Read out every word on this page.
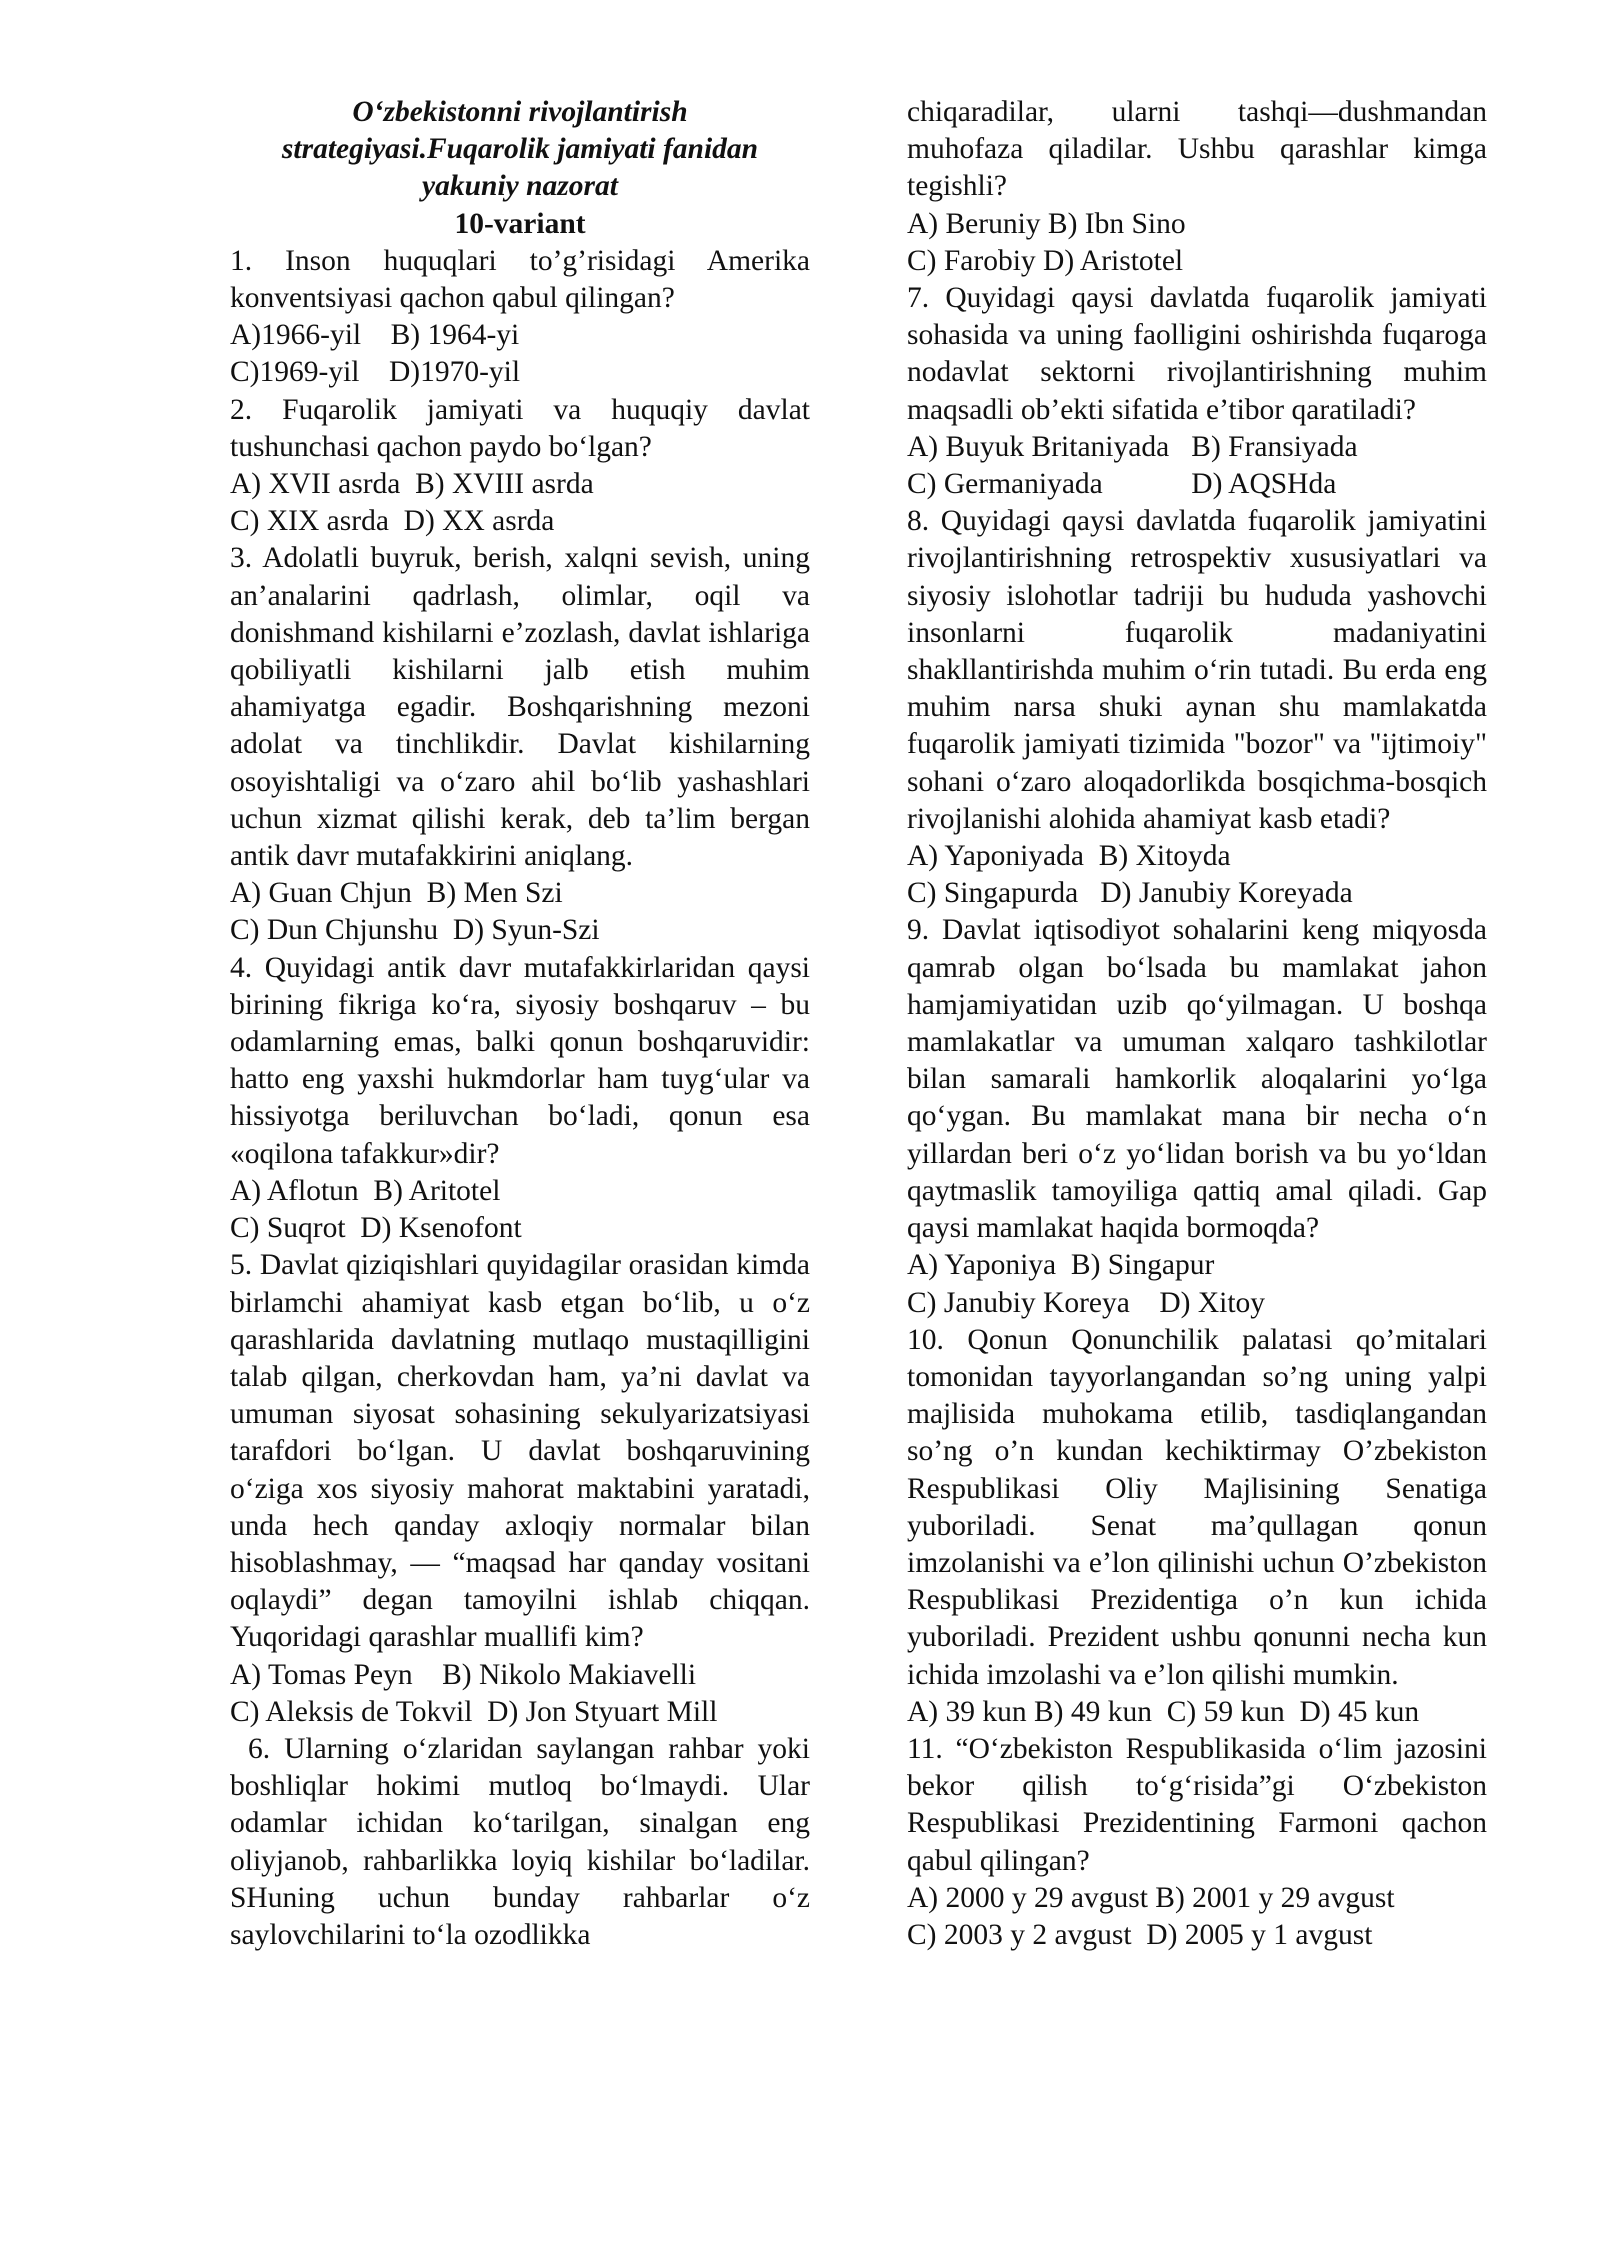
O‘zbekistonni rivojlantirish strategiyasi.Fuqarolik jamiyati fanidan yakuniy nazorat

10-variant

1. Inson huquqlari to’g’risidagi Amerika konventsiyasi qachon qabul qilingan?

A)1966-yil    B) 1964-yi

C)1969-yil    D)1970-yil

2. Fuqarolik jamiyati va huquqiy davlat tushunchasi qachon paydo bo‘lgan?

A) XVII asrda  B) XVIII asrda

C) XIX asrda  D) XX asrda

3. Adolatli buyruk, berish, xalqni sevish, uning an’analarini qadrlash, olimlar, oqil va donishmand kishilarni e’zozlash, davlat ishlariga qobiliyatli kishilarni jalb etish muhim ahamiyatga egadir. Boshqarishning mezoni adolat va tinchlikdir. Davlat kishilarning osoyishtaligi va o‘zaro ahil bo‘lib yashashlari uchun xizmat qilishi kerak, deb ta’lim bergan antik davr mutafakkirini aniqlang.

A) Guan Chjun  B) Men Szi

C) Dun Chjunshu  D) Syun-Szi

4. Quyidagi antik davr mutafakkirlaridan qaysi birining fikriga ko‘ra, siyosiy boshqaruv – bu odamlarning emas, balki qonun boshqaruvidir: hatto eng yaxshi hukmdorlar ham tuyg‘ular va hissiyotga beriluvchan bo‘ladi, qonun esa «oqilona tafakkur»dir?

A) Aflotun  B) Aritotel

C) Suqrot  D) Ksenofont

5. Davlat qiziqishlari quyidagilar orasidan kimda birlamchi ahamiyat kasb etgan bo‘lib, u o‘z qarashlarida davlatning mutlaqo mustaqilligini talab qilgan, cherkovdan ham, ya’ni davlat va umuman siyosat sohasining sekulyarizatsiyasi tarafdori bo‘lgan. U davlat boshqaruvining o‘ziga xos siyosiy mahorat maktabini yaratadi, unda hech qanday axloqiy normalar bilan hisoblashmay, — “maqsad har qanday vositani oqlaydi” degan tamoyilni ishlab chiqqan. Yuqoridagi qarashlar muallifi kim?

A) Tomas Peyn    B) Nikolo Makiavelli

C) Aleksis de Tokvil  D) Jon Styuart Mill

6. Ularning o‘zlaridan saylangan rahbar yoki boshliqlar hokimi mutloq bo‘lmaydi. Ular odamlar ichidan ko‘tarilgan, sinalgan eng oliyjanob, rahbarlikka loyiq kishilar bo‘ladilar. SHuning uchun bunday rahbarlar o‘z saylovchilarini to‘la ozodlikka

chiqaradilar, ularni tashqi—dushmandan muhofaza qiladilar. Ushbu qarashlar kimga tegishli?

A) Beruniy B) Ibn Sino

C) Farobiy D) Aristotel

7. Quyidagi qaysi davlatda fuqarolik jamiyati sohasida va uning faolligini oshirishda fuqaroga nodavlat sektorni rivojlantirishning muhim maqsadli ob’ekti sifatida e’tibor qaratiladi?

A) Buyuk Britaniyada   B) Fransiyada

C) Germaniyada            D) AQSHda

8. Quyidagi qaysi davlatda fuqarolik jamiyatini rivojlantirishning retrospektiv xususiyatlari va siyosiy islohotlar tadriji bu hududa yashovchi insonlarni fuqarolik madaniyatini shakllantirishda muhim o‘rin tutadi. Bu erda eng muhim narsa shuki aynan shu mamlakatda fuqarolik jamiyati tizimida "bozor" va "ijtimoiy" sohani o‘zaro aloqadorlikda bosqichma-bosqich rivojlanishi alohida ahamiyat kasb etadi?

A) Yaponiyada  B) Xitoyda

C) Singapurda   D) Janubiy Koreyada

9. Davlat iqtisodiyot sohalarini keng miqyosda qamrab olgan bo‘lsada bu mamlakat jahon hamjamiyatidan uzib qo‘yilmagan. U boshqa mamlakatlar va umuman xalqaro tashkilotlar bilan samarali hamkorlik aloqalarini yo‘lga qo‘ygan. Bu mamlakat mana bir necha o‘n yillardan beri o‘z yo‘lidan borish va bu yo‘ldan qaytmaslik tamoyiliga qattiq amal qiladi. Gap qaysi mamlakat haqida bormoqda?

A) Yaponiya  B) Singapur

C) Janubiy Koreya    D) Xitoy

10. Qonun Qonunchilik palatasi qo’mitalari tomonidan tayyorlangandan so’ng uning yalpi majlisida muhokama etilib, tasdiqlangandan so’ng o’n kundan kechiktirmay O’zbekiston Respublikasi Oliy Majlisining Senatiga yuboriladi. Senat ma’qullagan qonun imzolanishi va e’lon qilinishi uchun O’zbekiston Respublikasi Prezidentiga o’n kun ichida yuboriladi. Prezident ushbu qonunni necha kun ichida imzolashi va e’lon qilishi mumkin.

A) 39 kun B) 49 kun  C) 59 kun  D) 45 kun

11. “O‘zbekiston Respublikasida o‘lim jazosini bekor qilish to‘g‘risida”gi O‘zbekiston Respublikasi Prezidentining Farmoni qachon qabul qilingan?

A) 2000 y 29 avgust B) 2001 y 29 avgust

C) 2003 y 2 avgust  D) 2005 y 1 avgust
